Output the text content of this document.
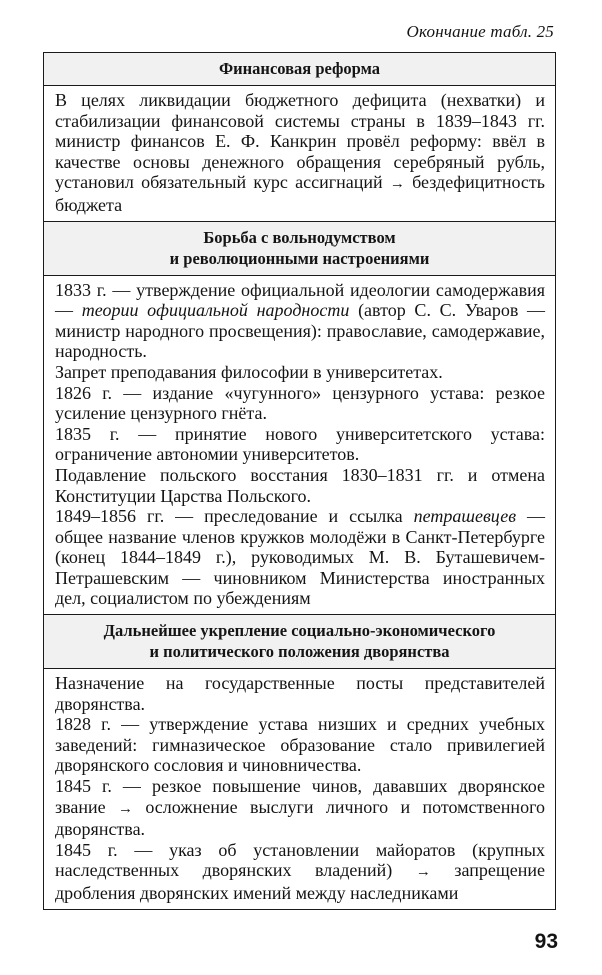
Окончание табл. 25
Финансовая реформа

В целях ликвидации бюджетного дефицита (нехватки) и стабилизации финансовой системы страны в 1839–1843 гг. министр финансов Е. Ф. Канкрин провёл реформу: ввёл в качестве основы денежного обращения серебряный рубль, установил обязательный курс ассигнаций → бездефицитность бюджета

Борьба с вольнодумством
и революционными настроениями

1833 г. — утверждение официальной идеологии самодержавия — теории официальной народности (автор С. С. Уваров — министр народного просвещения): православие, самодержавие, народность.

Запрет преподавания философии в университетах.

1826 г. — издание «чугунного» цензурного устава: резкое усиление цензурного гнёта.

1835 г. — принятие нового университетского устава: ограничение автономии университетов.

Подавление польского восстания 1830–1831 гг. и отмена Конституции Царства Польского.

1849–1856 гг. — преследование и ссылка петрашевцев — общее название членов кружков молодёжи в Санкт-Петербурге (конец 1844–1849 г.), руководимых М. В. Буташевичем-Петрашевским — чиновником Министерства иностранных дел, социалистом по убеждениям

Дальнейшее укрепление социально-экономического
и политического положения дворянства

Назначение на государственные посты представителей дворянства.

1828 г. — утверждение устава низших и средних учебных заведений: гимназическое образование стало привилегией дворянского сословия и чиновничества.

1845 г. — резкое повышение чинов, дававших дворянское звание → осложнение выслуги личного и потомственного дворянства.

1845 г. — указ об установлении майоратов (крупных наследственных дворянских владений) → запрещение дробления дворянских имений между наследниками

93
